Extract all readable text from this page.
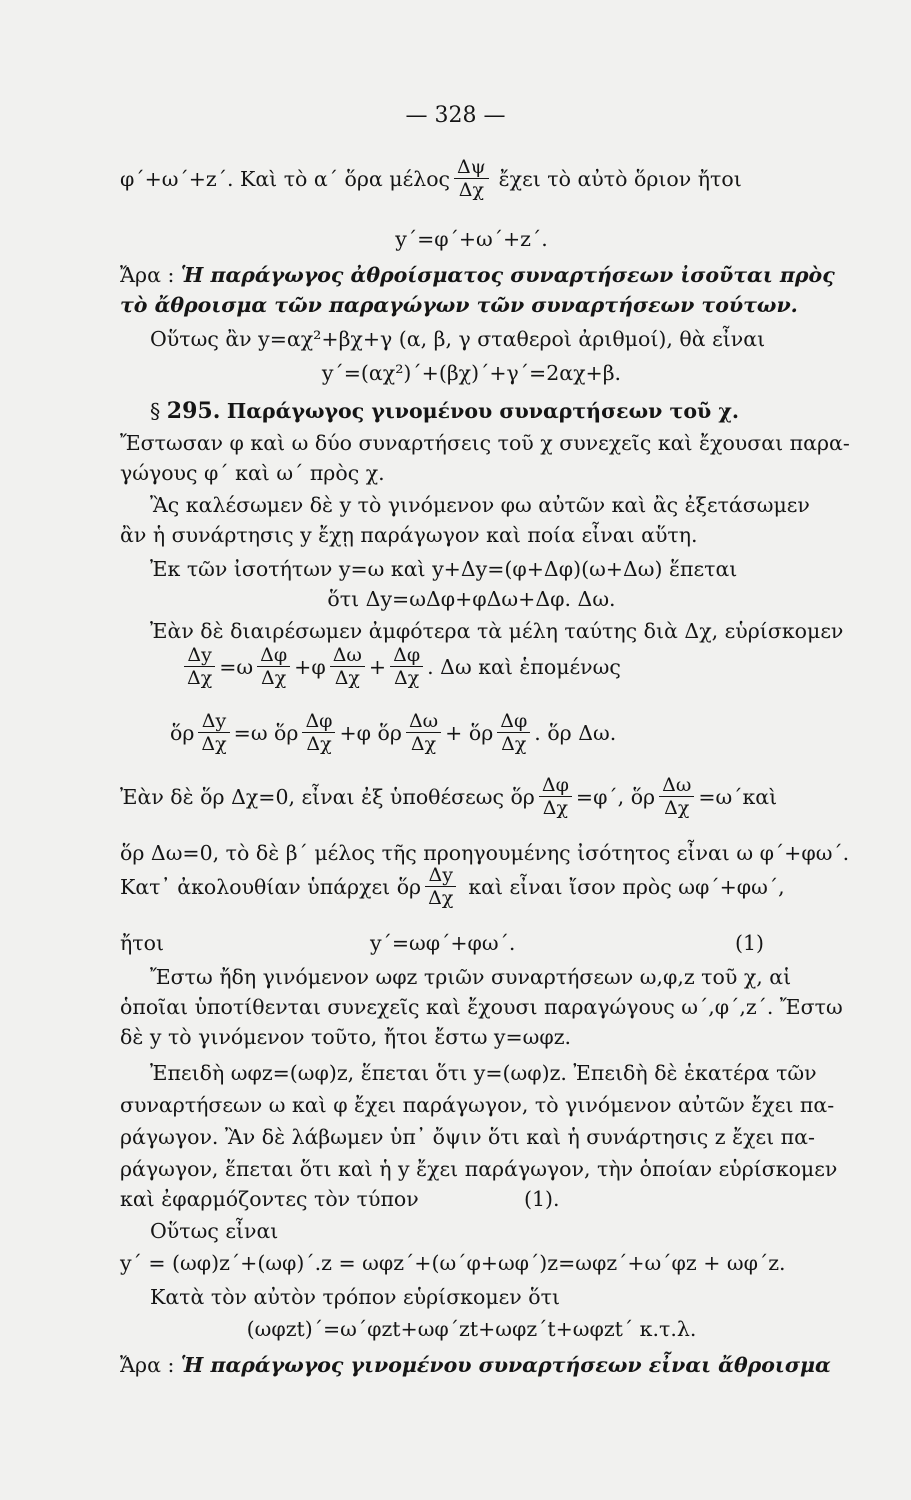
— 328 —
φ΄+ω΄+z΄. Καὶ τὸ α΄ ὅρα μέλος $\frac{\Delta\psi}{\Delta\chi}$ ἔχει τὸ αὐτὸ ὅριον ἤτοι
y΄=φ΄+ω΄+z΄.
Ἄρα : Ἡ παράγωγος ἀθροίσματος συναρτήσεων ἰσοῦται πρὸς
τὸ ἄθροισμα τῶν παραγώγων τῶν συναρτήσεων τούτων.
Οὕτως ἂν y=αχ²+βχ+γ (α, β, γ σταθεροὶ ἀριθμοί), θὰ εἶναι
y΄=(αχ²)΄+(βχ)΄+γ΄=2αχ+β.
§ 295. Παράγωγος γινομένου συναρτήσεων τοῦ χ.
Ἔστωσαν φ καὶ ω δύο συναρτήσεις τοῦ χ συνεχεῖς καὶ ἔχουσαι παρα-
γώγους φ΄ καὶ ω΄ πρὸς χ.
Ἂς καλέσωμεν δὲ y τὸ γινόμενον φω αὐτῶν καὶ ἂς ἐξετάσωμεν
ἂν ἡ συνάρτησις y ἔχῃ παράγωγον καὶ ποία εἶναι αὕτη.
Ἐκ τῶν ἰσοτήτων y=ω καὶ y+Δy=(φ+Δφ)(ω+Δω) ἕπεται
ὅτι Δy=ωΔφ+φΔω+Δφ. Δω.
Ἐὰν δὲ διαιρέσωμεν ἀμφότερα τὰ μέλη ταύτης διὰ Δχ, εὑρίσκομεν
$\frac{\Delta y}{\Delta\chi} =\omega \frac{\Delta\varphi}{\Delta\chi} +\varphi \frac{\Delta\omega}{\Delta\chi} + \frac{\Delta\varphi}{\Delta\chi}$ . Δω καὶ ἑπομένως
ὅρ $\frac{\Delta y}{\Delta\chi} =\omega$ ὅρ $\frac{\Delta\varphi}{\Delta\chi} +\varphi$ ὅρ $\frac{\Delta\omega}{\Delta\chi}$ + ὅρ $\frac{\Delta\varphi}{\Delta\chi}$ . ὅρ Δω.
Ἐὰν δὲ ὅρ Δχ=0, εἶναι ἐξ ὑποθέσεως ὅρ $\frac{\Delta\varphi}{\Delta\chi} =\varphi΄$, ὅρ $\frac{\Delta\omega}{\Delta\chi}$ =ω΄καὶ
ὅρ Δω=0, τὸ δὲ β΄ μέλος τῆς προηγουμένης ἰσότητος εἶναι ω φ΄+φω΄.
Κατ᾽ ἀκολουθίαν ὑπάρχει ὅρ $\frac{\Delta y}{\Delta\chi}$ καὶ εἶναι ἴσον πρὸς ωφ΄+φω΄,
ἤτοι	y΄=ωφ΄+φω΄.	(1)
Ἔστω ἤδη γινόμενον ωφz τριῶν συναρτήσεων ω,φ,z τοῦ χ, αἱ
ὁποῖαι ὑποτίθενται συνεχεῖς καὶ ἔχουσι παραγώγους ω΄,φ΄,z΄. Ἔστω
δὲ y τὸ γινόμενον τοῦτο, ἤτοι ἔστω y=ωφz.
Ἐπειδὴ ωφz=(ωφ)z, ἕπεται ὅτι y=(ωφ)z. Ἐπειδὴ δὲ ἑκατέρα τῶν
συναρτήσεων ω καὶ φ ἔχει παράγωγον, τὸ γινόμενον αὐτῶν ἔχει πα-
ράγωγον. Ἂν δὲ λάβωμεν ὑπ᾽ ὄψιν ὅτι καὶ ἡ συνάρτησις z ἔχει πα-
ράγωγον, ἕπεται ὅτι καὶ ἡ y ἔχει παράγωγον, τὴν ὁποίαν εὑρίσκομεν
καὶ ἐφαρμόζοντες τὸν τύπον	(1).
Οὕτως εἶναι
y΄ = (ωφ)z΄+(ωφ)΄.z = ωφz΄+(ω΄φ+ωφ΄)z=ωφz΄+ω΄φz + ωφ΄z.
Κατὰ τὸν αὐτὸν τρόπον εὑρίσκομεν ὅτι
(ωφzt)΄=ω΄φzt+ωφ΄zt+ωφz΄t+ωφzt΄ κ.τ.λ.
Ἄρα : Ἡ παράγωγος γινομένου συναρτήσεων εἶναι ἄθροισμα
